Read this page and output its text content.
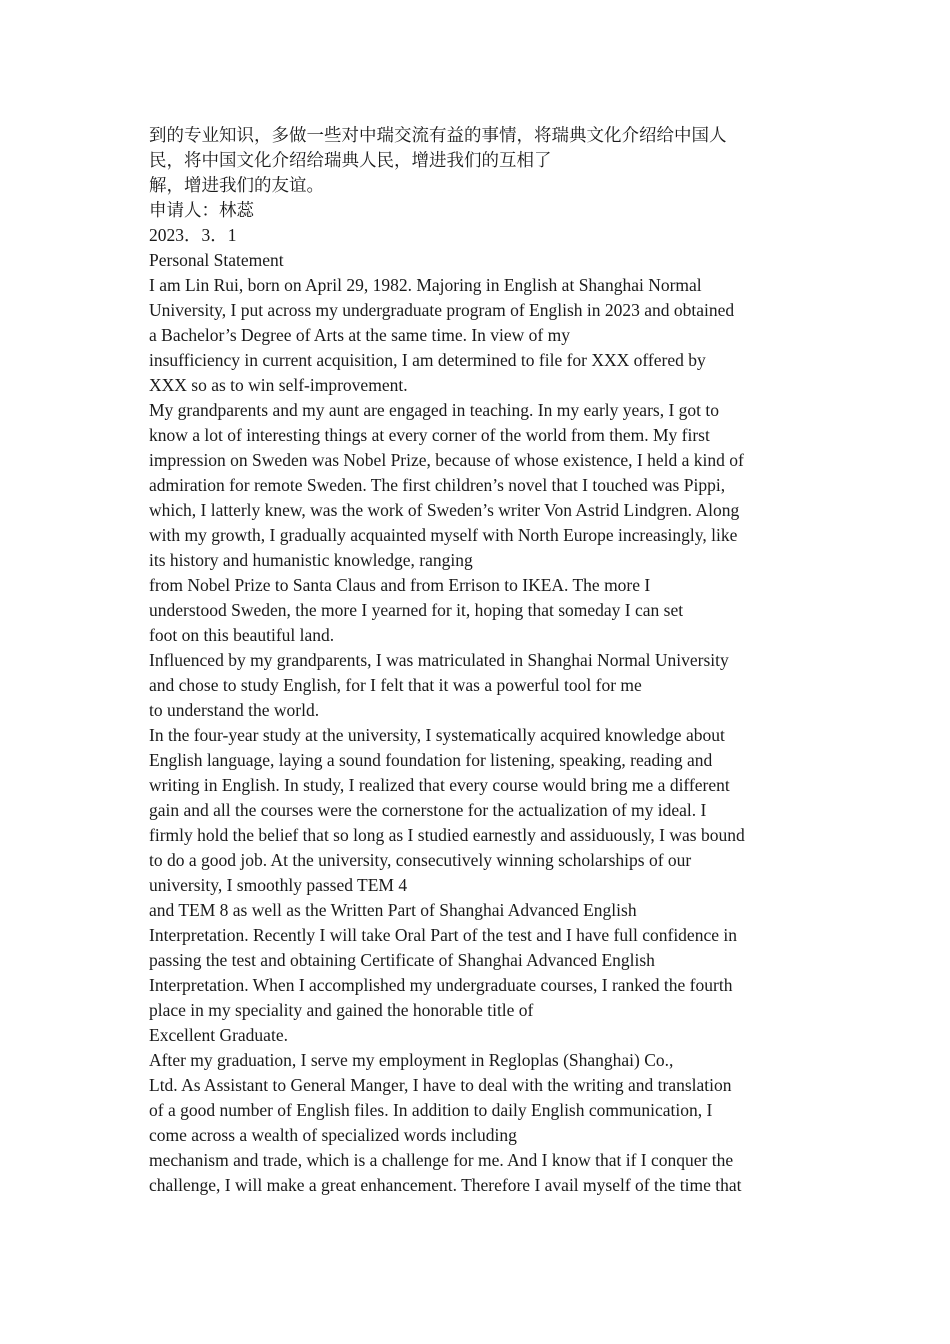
到的专业知识，多做一些对中瑞交流有益的事情，将瑞典文化介绍给中国人
民，将中国文化介绍给瑞典人民，增进我们的互相了
解，增进我们的友谊。
申请人：林蕊
2023．3．1
Personal Statement
I am Lin Rui, born on April 29, 1982. Majoring in English at Shanghai Normal
University, I put across my undergraduate program of English in 2023 and obtained
a Bachelor’s Degree of Arts at the same time. In view of my
insufficiency in current acquisition, I am determined to file for XXX offered by
XXX so as to win self-improvement.
My grandparents and my aunt are engaged in teaching. In my early years, I got to
know a lot of interesting things at every corner of the world from them. My first
impression on Sweden was Nobel Prize, because of whose existence, I held a kind of
admiration for remote Sweden. The first children’s novel that I touched was Pippi,
which, I latterly knew, was the work of Sweden’s writer Von Astrid Lindgren. Along
with my growth, I gradually acquainted myself with North Europe increasingly, like
its history and humanistic knowledge, ranging
from Nobel Prize to Santa Claus and from Errison to IKEA. The more I
understood Sweden, the more I yearned for it, hoping that someday I can set
foot on this beautiful land.
Influenced by my grandparents, I was matriculated in Shanghai Normal University
and chose to study English, for I felt that it was a powerful tool for me
to understand the world.
In the four-year study at the university, I systematically acquired knowledge about
English language, laying a sound foundation for listening, speaking, reading and
writing in English. In study, I realized that every course would bring me a different
gain and all the courses were the cornerstone for the actualization of my ideal. I
firmly hold the belief that so long as I studied earnestly and assiduously, I was bound
to do a good job. At the university, consecutively winning scholarships of our
university, I smoothly passed TEM 4
and TEM 8 as well as the Written Part of Shanghai Advanced English
Interpretation. Recently I will take Oral Part of the test and I have full confidence in
passing the test and obtaining Certificate of Shanghai Advanced English
Interpretation. When I accomplished my undergraduate courses, I ranked the fourth
place in my speciality and gained the honorable title of
Excellent Graduate.
After my graduation, I serve my employment in Regloplas (Shanghai) Co.,
Ltd. As Assistant to General Manger, I have to deal with the writing and translation
of a good number of English files. In addition to daily English communication, I
come across a wealth of specialized words including
mechanism and trade, which is a challenge for me. And I know that if I conquer the
challenge, I will make a great enhancement. Therefore I avail myself of the time that
